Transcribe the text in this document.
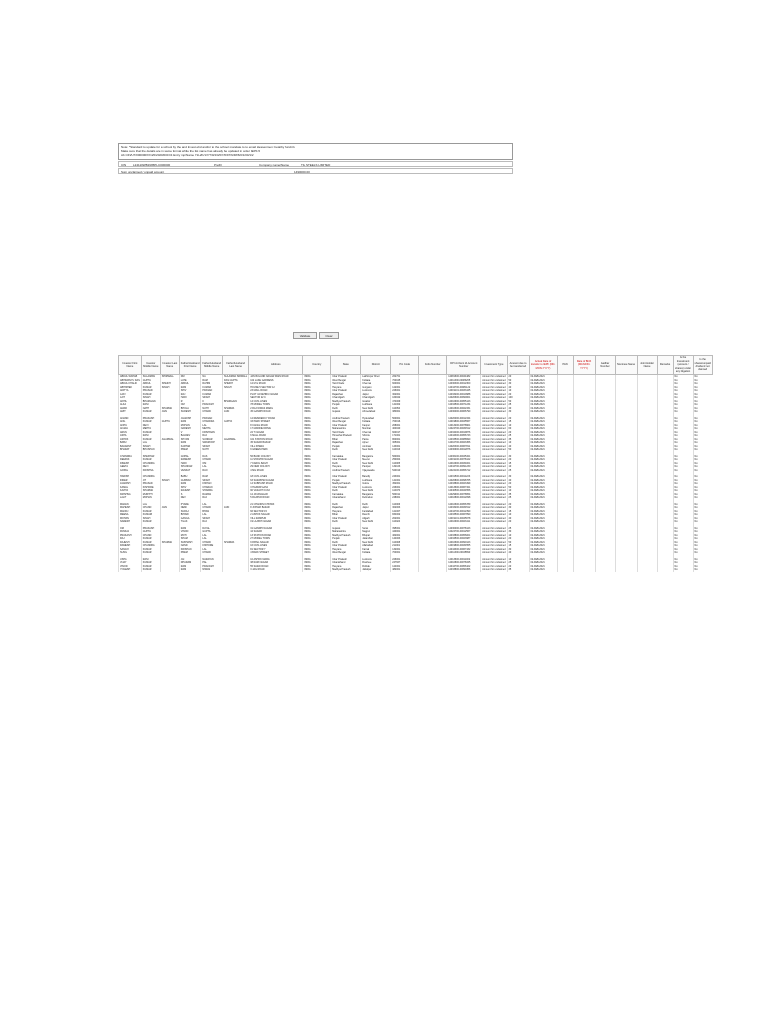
Note: *Standard to update for a school by the and Invest ebd and/or to the school mandate to to email Hessenmen: beta/by fundi.fs
Make sure that the details are in same format while the list name has already be updated in order IEPF-5
Ab CIN/U7/000000XX/4/0/2020/000 Dt Entry mp/Name 71L2K/1/7/7/0/4/4/6/7/0/97/6/48/6/0/1/00/1/2
CIN L24110WB1995PLC000000	Prefill	Company name/Name	TIL STEELS LIMITED
Sum unclaimed / unpaid amount	1490000.00
Validate	Clear
Investor First Name	Investor Middle Name	Investor Last Name	Father/Husband First Name	Father/Husband Middle Name	Father/Husband Last Name	Address	Country	State	District	Pin Code	Folio Number	DP Id-Client Id-Account Number	Investment Type	Amount due to be transferred	Actual Date of transfer to IEPF (DD-MON-YYYY)	PAN	Date of Birth (DD-MON-YYYY)	Aadhar Number	Nominee Name	Joint Holder Name	Remarks	Is the Investment (amount / shares) under any litigation	Is the shares/unpaid dividend not claimed
ABDUL WAHAB	SULAIMAN	SHIRWALL	DM	NA	SULAIMAN SIRWALL	JAN BULAND NAGAR MAIN ROAD	INDIA	Uttar Pradesh	Lakhimpur Kheri	262701		12081600-00044482	Amount for unclaimed	20	02-FEB-2021							No	No
ABHIMANYU DAS	GUPTA		LATE	RAM	DAS GUPTA	102 LAKE GARDENS	INDIA	West Bengal	Kolkata	700045		12011300-00083265	Amount for unclaimed	50	02-FEB-2021							No	No
ABDUL KHALIK	ABDUL	SHEIKH	ABDUL	RAHIM	SHEIKH	12 M G ROAD	INDIA	Tamil Nadu	Chennai	600001		12030300-00012300	Amount for unclaimed	30	02-FEB-2021							No	No
ABHISHEK	KUMAR	SINGH	RAM	KUMAR	SINGH	HOUSE 5 SECTOR 12	INDIA	Haryana	Gurgaon	122001		12044700-00081122	Amount for unclaimed	40	02-FEB-2021							No	No
ADITYA	PRASAD		SHIV	PRASAD		23 MALL ROAD	INDIA	Uttar Pradesh	Lucknow	226001		12019101-00033445	Amount for unclaimed	10	02-FEB-2021							No	No
AJAY	KUMAR		RAJ	KUMAR		PLOT 44 NEHRU NAGAR	INDIA	Rajasthan	Jaipur	302001		12033200-00010988	Amount for unclaimed	20	02-FEB-2021							No	No
AJIT	SINGH		HARI	SINGH		SECTOR 22 C	INDIA	Chandigarh	Chandigarh	160022		12020600-00090001	Amount for unclaimed	100	02-FEB-2021							No	No
AKHIL	BHARGAVA		R	K	BHARGAVA	14 CIVIL LINES	INDIA	Madhya Pradesh	Gwalior	474009		12010900-00055123	Amount for unclaimed	50	02-FEB-2021							No	No
ALKA	RANI		OM	PRAKASH		78 MODEL TOWN	INDIA	Punjab	Ludhiana	141002		12034500-00071234	Amount for unclaimed	25	02-FEB-2021							No	No
AMAR	NATH	SHARMA	BHOLA	NATH	SHARMA	2 RAJ NIWAS MARG	INDIA	Delhi	New Delhi	110054		12010600-00022331	Amount for unclaimed	40	02-FEB-2021							No	No
AMIT	KUMAR	JAIN	SURESH	CHAND	JAIN	45 GANDHI ROAD	INDIA	Gujarat	Ahmedabad	380001		12030000-00066790	Amount for unclaimed	30	02-FEB-2021							No	No

ANAND	PRAKASH		JAGDISH	PRASAD		12 RESIDENCY ROAD	INDIA	Andhra Pradesh	Hyderabad	500001		12020000-00012344	Amount for unclaimed	20	02-FEB-2021							No	No
ANIL	KUMAR	GUPTA	RAM	CHANDRA	GUPTA	33 PARK STREET	INDIA	West Bengal	Kolkata	700016		12019800-00045567	Amount for unclaimed	15	02-FEB-2021							No	No
ANITA	DEVI		MOHAN	LAL		8 CANAL ROAD	INDIA	Uttar Pradesh	Kanpur	208001		12013200-00078901	Amount for unclaimed	10	02-FEB-2021							No	No
ANJALI	MEHTA		NARESH	MEHTA		17 MARINE DRIVE	INDIA	Maharashtra	Mumbai	400020		12024700-00034512	Amount for unclaimed	60	02-FEB-2021							No	No
ARUN	KUMAR		V	KRISHNAN		22 T NAGAR	INDIA	Tamil Nadu	Chennai	600017		12034400-00019876	Amount for unclaimed	20	02-FEB-2021							No	No
ASHA	RANI		BALDEV	RAJ		6 MALL ROAD	INDIA	Himachal Pradesh	Shimla	171001		12044300-00056743	Amount for unclaimed	25	02-FEB-2021							No	No
ASHOK	KUMAR	AGARWAL	SHYAM	SUNDAR	AGARWAL	101 STATION ROAD	INDIA	Bihar	Patna	800001		12033500-00088990	Amount for unclaimed	35	02-FEB-2021							No	No
BABU	LAL		RAM	SWAROOP		45 SADAR BAZAR	INDIA	Rajasthan	Ajmer	305001		12010700-00023456	Amount for unclaimed	10	02-FEB-2021							No	No
BALWANT	SINGH		KARTAR	SINGH		VILL KHERA	INDIA	Punjab	Amritsar	143001		12020300-00067811	Amount for unclaimed	40	02-FEB-2021							No	No
BHARAT	BHUSHAN		PREM	NATH		9 GREEN PARK	INDIA	Delhi	New Delhi	110016		12030900-00012876	Amount for unclaimed	50	02-FEB-2021							No	No

CHANDRA	SHEKHAR		GOPAL	DAS		56 BANK COLONY	INDIA	Karnataka	Bangalore	560001		12036100-00045321	Amount for unclaimed	30	02-FEB-2021							No	No
DEEPAK	KUMAR		RAMESH	CHAND		11 SHASTRI NAGAR	INDIA	Uttar Pradesh	Meerut	250004		12019100-00078122	Amount for unclaimed	20	02-FEB-2021							No	No
DINESH	CHANDRA		HARI	OM		7 KAROL BAGH	INDIA	Delhi	New Delhi	110005		12010900-00034001	Amount for unclaimed	15	02-FEB-2021							No	No
GEETA	DEVI		SHANKAR	LAL		29 NEW COLONY	INDIA	Haryana	Panipat	132103		12044700-00091230	Amount for unclaimed	10	02-FEB-2021							No	No
GOPAL	KRISHNA		VENKAT	RAO		4 MG ROAD	INDIA	Andhra Pradesh	Vijayawada	520010		12024100-00056712	Amount for unclaimed	25	02-FEB-2021							No	No

HARISH	CHANDRA		BABU	RAM		18 CIVIL LINES	INDIA	Uttar Pradesh	Bareilly	243001		12031500-00011223	Amount for unclaimed	30	02-FEB-2021							No	No
INDER	JIT	SINGH	GURBAX	SINGH		63 SARABHA NAGAR	INDIA	Punjab	Ludhiana	141001		12020800-00098765	Amount for unclaimed	40	02-FEB-2021							No	No
JAGDISH	PRASAD		RAM	KISHAN		14 SUBHASH ROAD	INDIA	Madhya Pradesh	Indore	452001		12033800-00023499	Amount for unclaimed	20	02-FEB-2021							No	No
KAMAL	KISHORE		SHIV	CHARAN		3 HAZRATGANJ	INDIA	Uttar Pradesh	Lucknow	226001		12013600-00067321	Amount for unclaimed	50	02-FEB-2021							No	No
KAVITA	SHARMA		RAJESH	SHARMA		90 VASANT KUNJ	INDIA	Delhi	New Delhi	110070		12040500-00044556	Amount for unclaimed	10	02-FEB-2021							No	No
KRISHNA	MURTHY		S	RAMAN		12 JAYANAGAR	INDIA	Karnataka	Bangalore	560011		12029900-00078654	Amount for unclaimed	35	02-FEB-2021							No	No
LALIT	MOHAN		DEV	RAJ		5 RAJPUR ROAD	INDIA	Uttarakhand	Dehradun	248001		12010800-00012098	Amount for unclaimed	25	02-FEB-2021							No	No

MADAN	LAL		PYARE	LAL		21 CHANDNI CHOWK	INDIA	Delhi	Delhi	110006		12010600-00056789	Amount for unclaimed	20	02-FEB-2021							No	No
MAHESH	CHAND	JAIN	NEMI	CHAND	JAIN	8 JOHARI BAZAR	INDIA	Rajasthan	Jaipur	302003		12033200-00034512	Amount for unclaimed	30	02-FEB-2021							No	No
MANOJ	KUMAR		SURAJ	BHAN		66 SECTOR 15	INDIA	Haryana	Faridabad	121007		12044700-00012390	Amount for unclaimed	15	02-FEB-2021							No	No
MEENA	KUMARI		BIHARI	LAL		2 ASHOK NAGAR	INDIA	Bihar	Ranchi	834002		12033500-00067890	Amount for unclaimed	10	02-FEB-2021							No	No
MOHAN	SINGH		GANGA	SINGH		VILL RAMPUR	INDIA	Uttar Pradesh	Aligarh	202001		12019101-00045678	Amount for unclaimed	40	02-FEB-2021							No	No
NARESH	KUMAR		TILAK	RAJ		19 LAJPAT NAGAR	INDIA	Delhi	New Delhi	110024		12010900-00023411	Amount for unclaimed	20	02-FEB-2021							No	No

OM	PRAKASH		RAM	DAYAL		31 GANDHI NAGAR	INDIA	Gujarat	Surat	395001		12030000-00078123	Amount for unclaimed	25	02-FEB-2021							No	No
PANKAJ	GUPTA		VINOD	GUPTA		44 SADAR	INDIA	Maharashtra	Nagpur	440001		12024700-00012567	Amount for unclaimed	30	02-FEB-2021							No	No
PRAKASH	CHAND		MOTI	LAL		13 STATION ROAD	INDIA	Madhya Pradesh	Bhopal	462001		12033800-00056001	Amount for unclaimed	10	02-FEB-2021							No	No
RAJ	KUMAR		SHAM	LAL		27 MODEL TOWN	INDIA	Punjab	Jalandhar	144003		12034500-00023987	Amount for unclaimed	20	02-FEB-2021							No	No
RAJESH	KUMAR	SHARMA	SUBHASH	CHAND	SHARMA	9 PATEL NAGAR	INDIA	Delhi	New Delhi	110008		12010600-00090123	Amount for unclaimed	50	02-FEB-2021							No	No
RAMESH	CHANDRA		NAND	KISHORE		16 CIVIL LINES	INDIA	Uttar Pradesh	Allahabad	211001		12019800-00034555	Amount for unclaimed	15	02-FEB-2021							No	No
SANJAY	KUMAR		KRISHAN	LAL		81 SECTOR 7	INDIA	Haryana	Karnal	132001		12044300-00067432	Amount for unclaimed	30	02-FEB-2021							No	No
SUNIL	KUMAR		PREM	CHAND		4 BANK STREET	INDIA	West Bengal	Kolkata	700001		12011300-00045890	Amount for unclaimed	40	02-FEB-2021							No	No

USHA	RANI		JAI	NARAYAN		10 ASHOK MARG	INDIA	Uttar Pradesh	Lucknow	226001		12013600-00011002	Amount for unclaimed	10	02-FEB-2021							No	No
VIJAY	KUMAR		DHARAM	PAL		38 RAM NAGAR	INDIA	Uttarakhand	Roorkee	247667		12010800-00078345	Amount for unclaimed	25	02-FEB-2021							No	No
VINOD	KUMAR		RAM	PRAKASH		55 SARAI ROAD	INDIA	Haryana	Rohtak	124001		12044700-00056102	Amount for unclaimed	20	02-FEB-2021							No	No
YOGESH	KUMAR		RAM	NIWAS		3 JAIL ROAD	INDIA	Madhya Pradesh	Jabalpur	482001		12033800-00090456	Amount for unclaimed	35	02-FEB-2021							No	No
